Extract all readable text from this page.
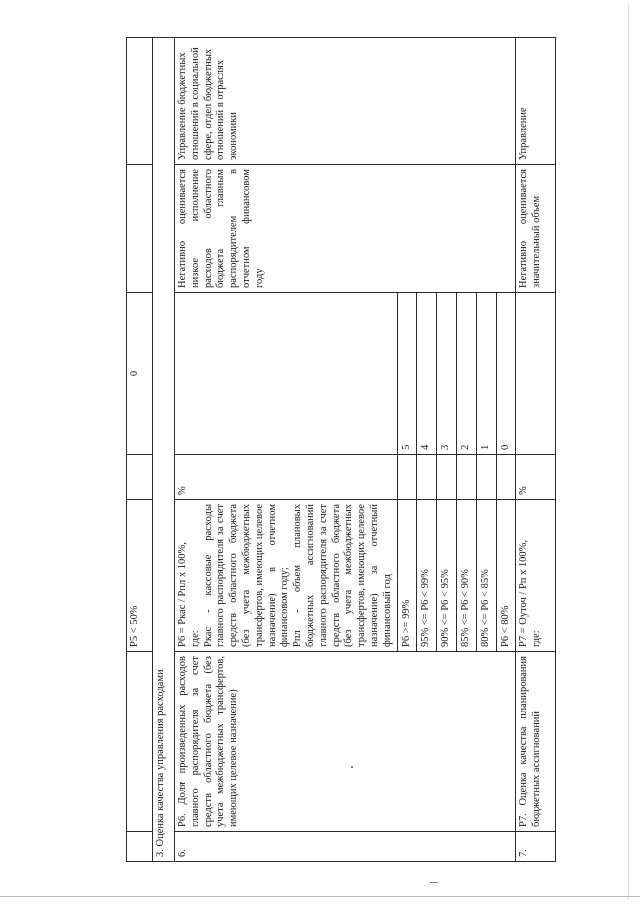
		Р5 < 50%		0		
3. Оценка качества управления расходами						
6.	Р6. Доля произведенных расходов главного распорядителя за счет средств областного бюджета (без учета межбюджетных трансфертов, имеющих целевое назначение)	Р6 = Ркас / Рпл х 100%,
где:
Ркас - кассовые расходы главного распорядителя за счет средств областного бюджета (без учета межбюджетных трансфертов, имеющих целевое назначение) в отчетном финансовом году;
Рпл - объем плановых бюджетных ассигнований главного распорядителя за счет средств областного бюджета (без учета межбюджетных трансфертов, имеющих целевое назначение) за отчетный финансовый год	%		Негативно оценивается низкое исполнение расходов областного бюджета главным распорядителем в отчетном финансовом году	Управление бюджетных отношений в социальной сфере, отдел бюджетных отношений в отраслях экономики
		Р6 >= 99%		5		
		95% <= Р6 < 99%		4		
		90% <= Р6 < 95%		3		
		85% <= Р6 < 90%		2		
		80% <= Р6 < 85%		1		
		Р6 < 80%		0		
7.	Р7. Оценка качества планирования бюджетных ассигнований	Р7 = Оуточ / Рп х 100%,
где:	%		Негативно оценивается значительный объем	Управление
